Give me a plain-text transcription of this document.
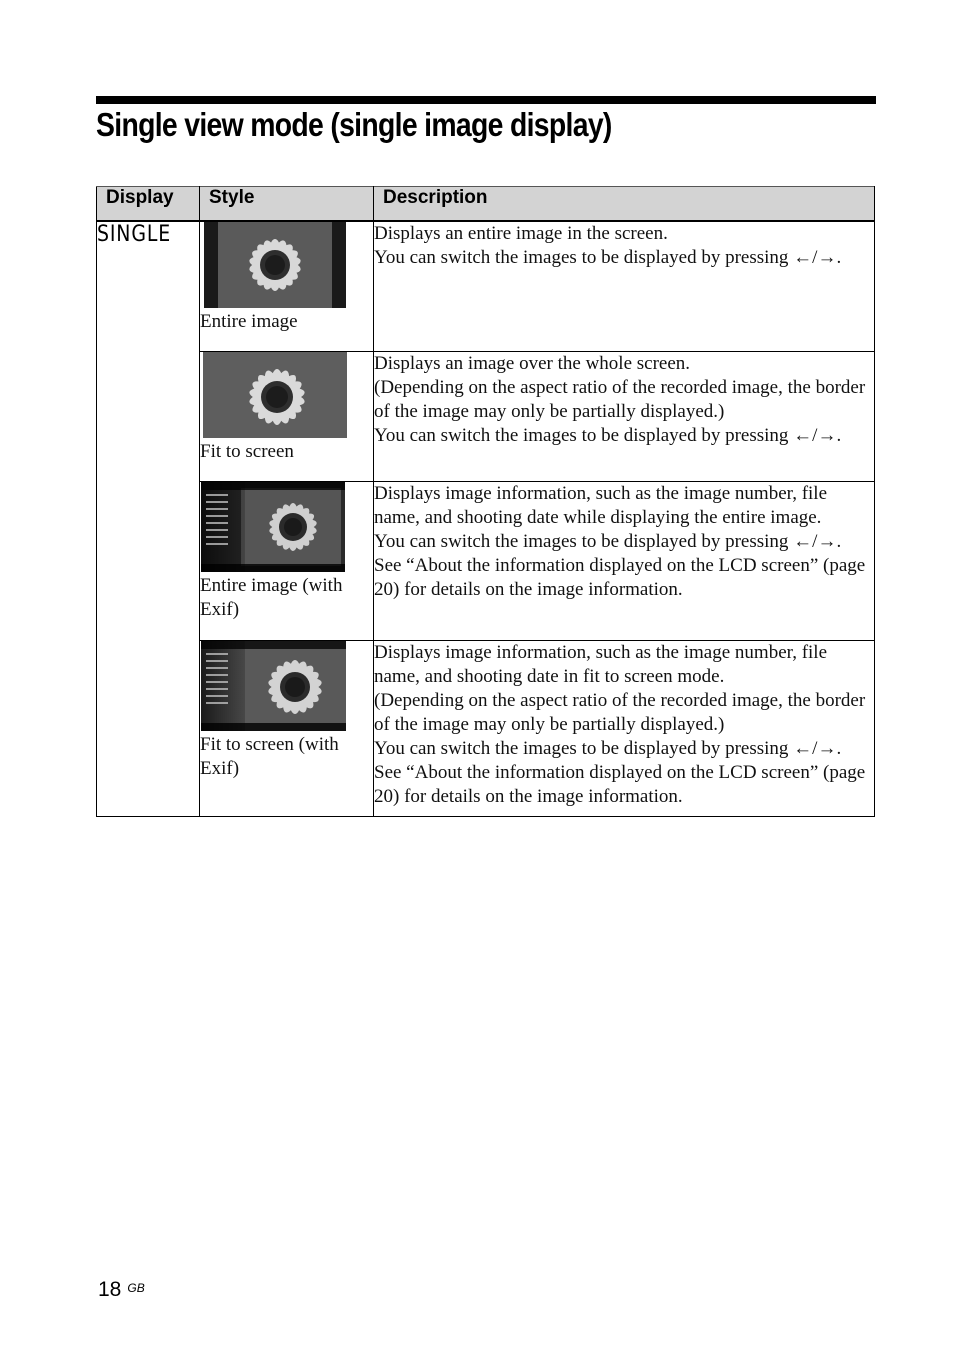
Single view mode (single image display)
Display	Style	Description
SINGLE	Entire image	Displays an entire image in the screen.

You can switch the images to be displayed by pressing ←/→.

	Fit to screen	Displays an image over the whole screen.

(Depending on the aspect ratio of the recorded image, the border of the image may only be partially displayed.)

You can switch the images to be displayed by pressing ←/→.

	Entire image (with Exif)	Displays image information, such as the image number, file name, and shooting date while displaying the entire image.

You can switch the images to be displayed by pressing ←/→.

See “About the information displayed on the LCD screen” (page 20) for details on the image information.

	Fit to screen (with Exif)	Displays image information, such as the image number, file name, and shooting date in fit to screen mode.

(Depending on the aspect ratio of the recorded image, the border of the image may only be partially displayed.)

You can switch the images to be displayed by pressing ←/→.

See “About the information displayed on the LCD screen” (page 20) for details on the image information.

18 $^{GB}$
